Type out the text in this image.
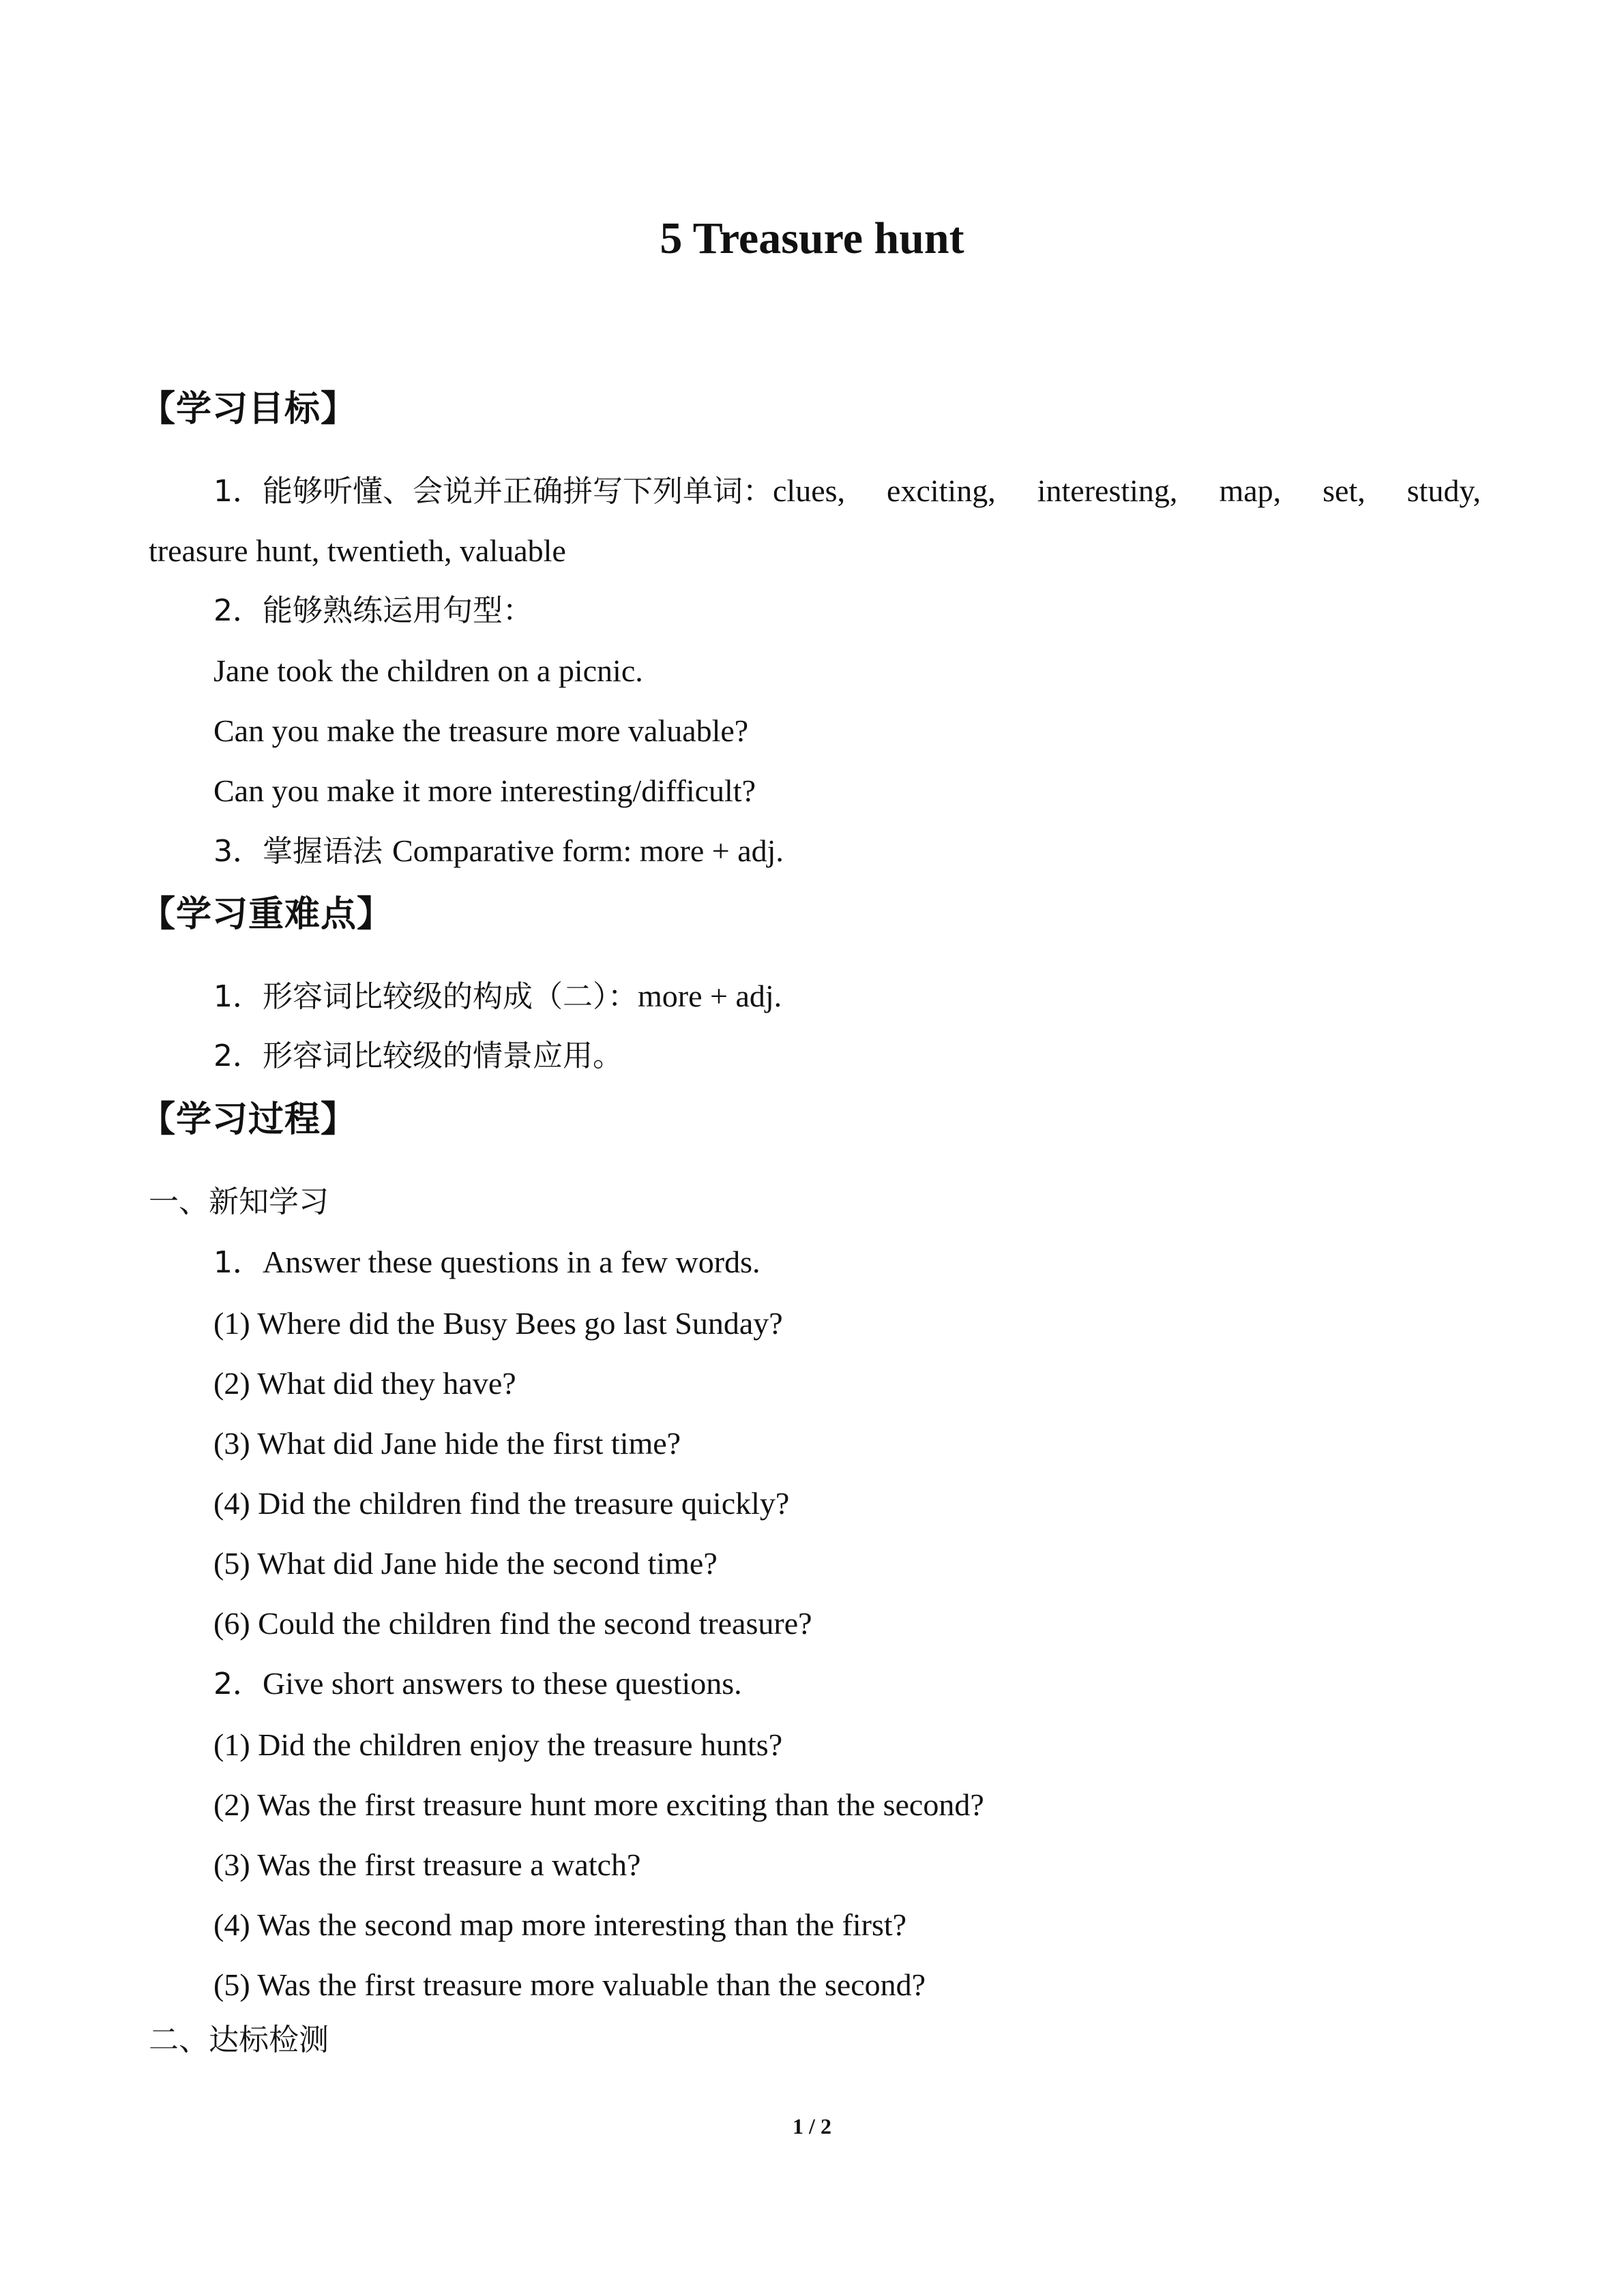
5 Treasure hunt
【学习目标】
1．能够听懂、会说并正确拼写下列单词：clues, exciting, interesting, map, set, study,
treasure hunt, twentieth, valuable
2．能够熟练运用句型：
Jane took the children on a picnic.
Can you make the treasure more valuable?
Can you make it more interesting/difficult?
3．掌握语法 Comparative form: more + adj.
【学习重难点】
1．形容词比较级的构成（二）：more + adj.
2．形容词比较级的情景应用。
【学习过程】
一、新知学习
1．Answer these questions in a few words.
(1) Where did the Busy Bees go last Sunday?
(2) What did they have?
(3) What did Jane hide the first time?
(4) Did the children find the treasure quickly?
(5) What did Jane hide the second time?
(6) Could the children find the second treasure?
2．Give short answers to these questions.
(1) Did the children enjoy the treasure hunts?
(2) Was the first treasure hunt more exciting than the second?
(3) Was the first treasure a watch?
(4) Was the second map more interesting than the first?
(5) Was the first treasure more valuable than the second?
二、达标检测
1 / 2
